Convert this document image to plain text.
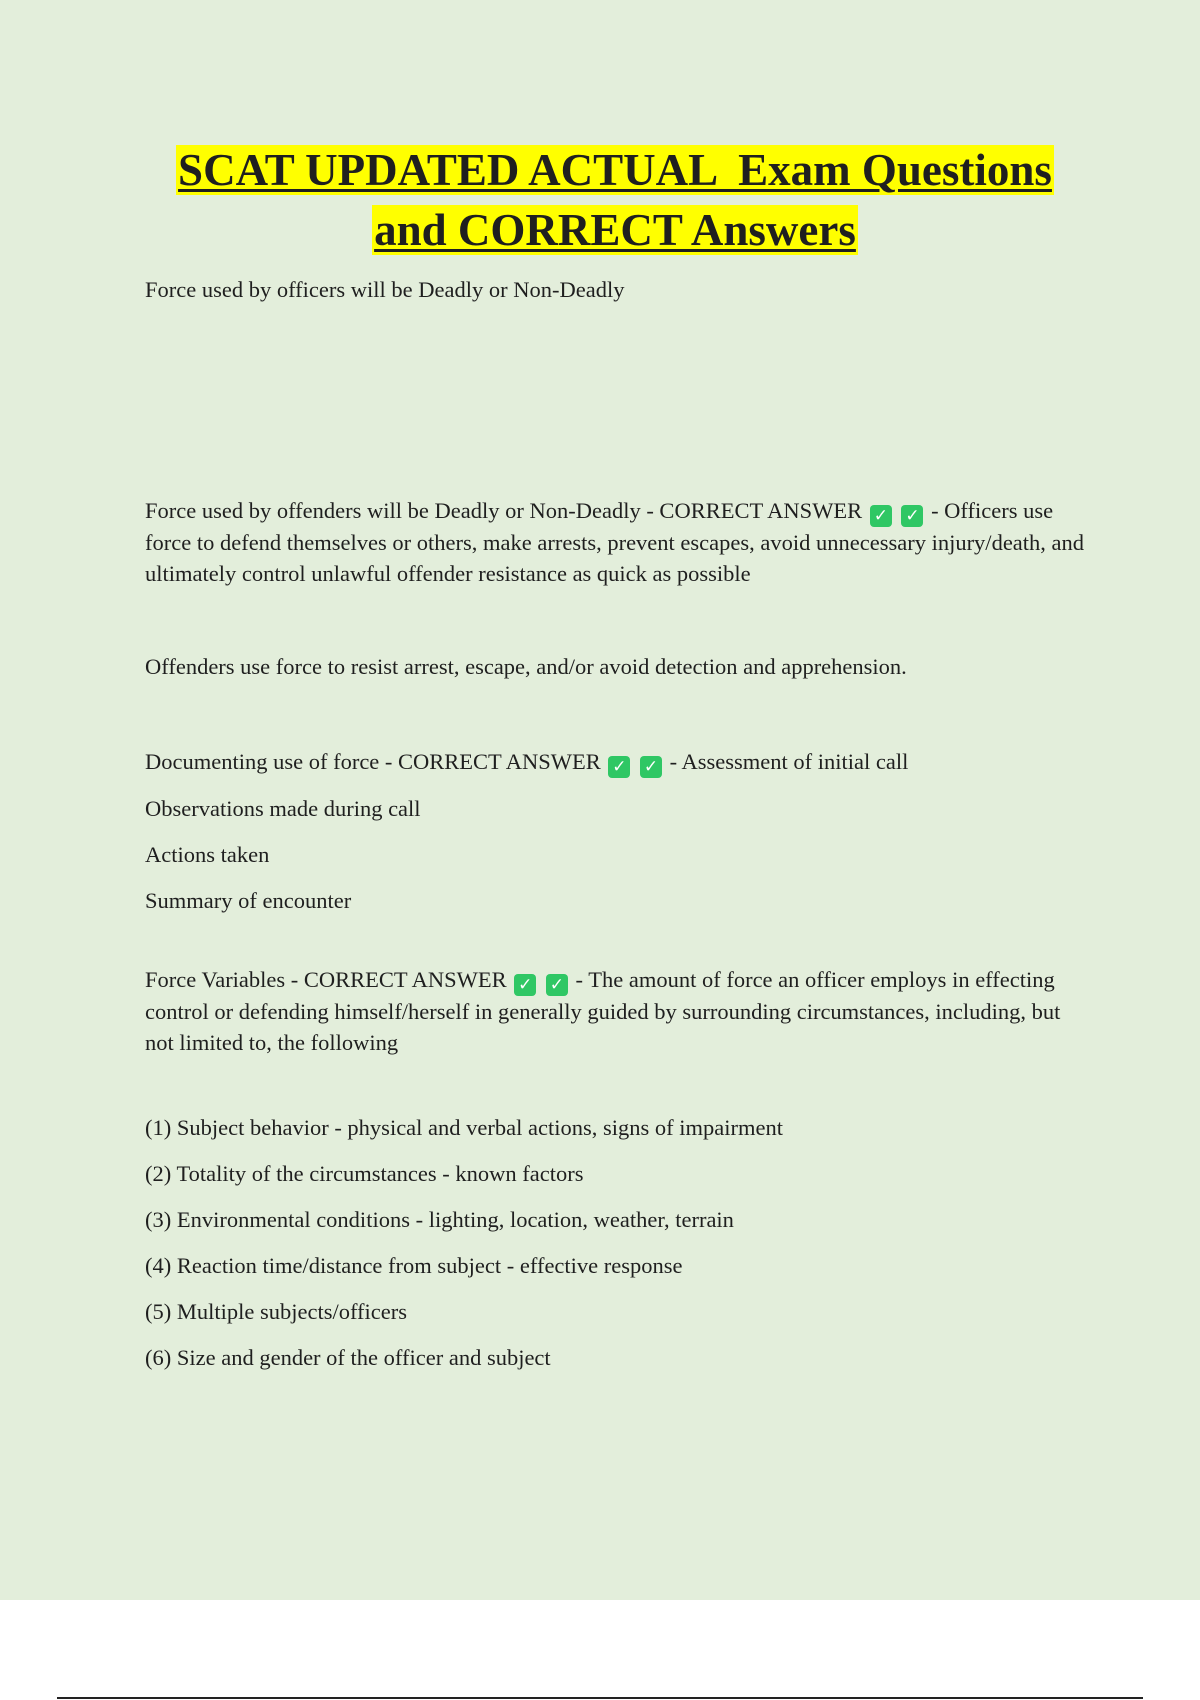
SCAT UPDATED ACTUAL  Exam Questions
and CORRECT Answers

Force used by officers will be Deadly or Non-Deadly

Force used by offenders will be Deadly or Non-Deadly - CORRECT ANSWER ✓ ✓ - Officers use force to defend themselves or others, make arrests, prevent escapes, avoid unnecessary injury/death, and ultimately control unlawful offender resistance as quick as possible

Offenders use force to resist arrest, escape, and/or avoid detection and apprehension.

Documenting use of force - CORRECT ANSWER ✓ ✓ - Assessment of initial call

Observations made during call

Actions taken

Summary of encounter

Force Variables - CORRECT ANSWER ✓ ✓ - The amount of force an officer employs in effecting control or defending himself/herself in generally guided by surrounding circumstances, including, but not limited to, the following

(1) Subject behavior - physical and verbal actions, signs of impairment

(2) Totality of the circumstances - known factors

(3) Environmental conditions - lighting, location, weather, terrain

(4) Reaction time/distance from subject - effective response

(5) Multiple subjects/officers

(6) Size and gender of the officer and subject
